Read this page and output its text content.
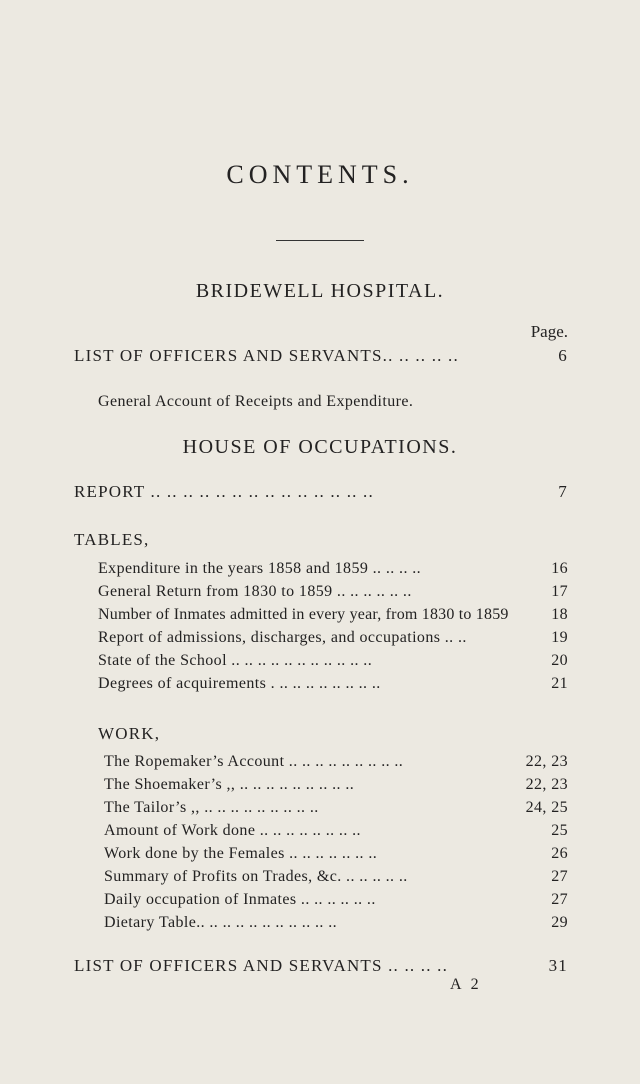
CONTENTS.
BRIDEWELL HOSPITAL.
Page.
LIST OF OFFICERS AND SERVANTS.. .. .. .. ..	6
General Account of Receipts and Expenditure.
HOUSE OF OCCUPATIONS.
REPORT .. .. .. .. .. .. .. .. .. .. .. .. .. ..	7
TABLES,
Expenditure in the years 1858 and 1859 .. .. .. ..	16
General Return from 1830 to 1859 .. .. .. .. .. ..	17
Number of Inmates admitted in every year, from 1830 to 1859	18
Report of admissions, discharges, and occupations .. ..	19
State of the School .. .. .. .. .. .. .. .. .. .. ..	20
Degrees of acquirements . .. .. .. .. .. .. .. ..	21
WORK,
The Ropemaker’s Account .. .. .. .. .. .. .. .. ..	22, 23
The Shoemaker’s ,, .. .. .. .. .. .. .. .. ..	22, 23
The Tailor’s ,, .. .. .. .. .. .. .. .. ..	24, 25
Amount of Work done .. .. .. .. .. .. .. ..	25
Work done by the Females .. .. .. .. .. .. ..	26
Summary of Profits on Trades, &c. .. .. .. .. ..	27
Daily occupation of Inmates .. .. .. .. .. ..	27
Dietary Table.. .. .. .. .. .. .. .. .. .. ..	29
LIST OF OFFICERS AND SERVANTS .. .. .. ..	31
A 2
